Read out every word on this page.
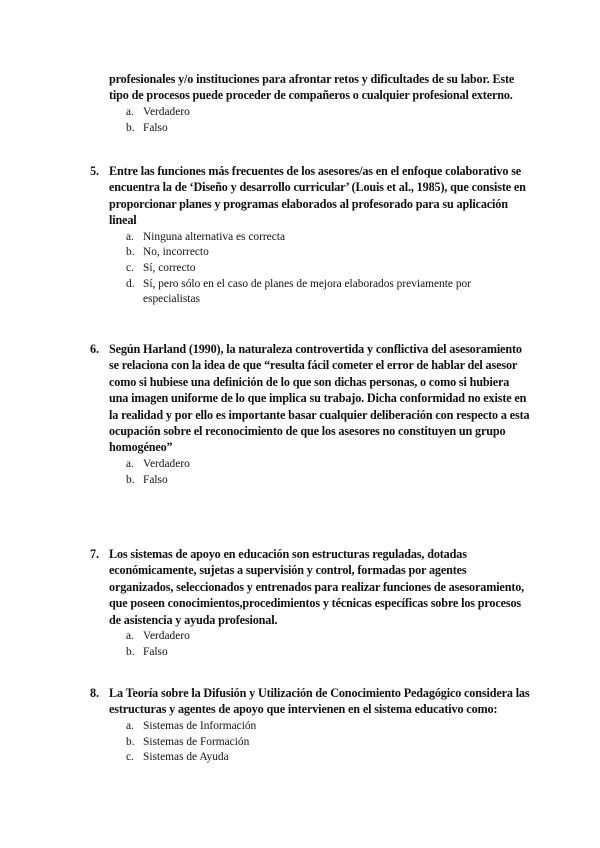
profesionales y/o instituciones para afrontar retos y dificultades de su labor. Este tipo de procesos puede proceder de compañeros o cualquier profesional externo.
a. Verdadero
b. Falso
5. Entre las funciones más frecuentes de los asesores/as en el enfoque colaborativo se encuentra la de ‘Diseño y desarrollo curricular’ (Louis et al., 1985), que consiste en proporcionar planes y programas elaborados al profesorado para su aplicación lineal
a. Ninguna alternativa es correcta
b. No, incorrecto
c. Sí, correcto
d. Sí, pero sólo en el caso de planes de mejora elaborados previamente por especialistas
6. Según Harland (1990), la naturaleza controvertida y conflictiva del asesoramiento se relaciona con la idea de que “resulta fácil cometer el error de hablar del asesor como si hubiese una definición de lo que son dichas personas, o como si hubiera una imagen uniforme de lo que implica su trabajo. Dicha conformidad no existe en la realidad y por ello es importante basar cualquier deliberación con respecto a esta ocupación sobre el reconocimiento de que los asesores no constituyen un grupo homogéneo”
a. Verdadero
b. Falso
7. Los sistemas de apoyo en educación son estructuras reguladas, dotadas económicamente, sujetas a supervisión y control, formadas por agentes organizados, seleccionados y entrenados para realizar funciones de asesoramiento, que poseen conocimientos,procedimientos y técnicas específicas sobre los procesos de asistencia y ayuda profesional.
a. Verdadero
b. Falso
8. La Teoría sobre la Difusión y Utilización de Conocimiento Pedagógico considera las estructuras y agentes de apoyo que intervienen en el sistema educativo como:
a. Sistemas de Información
b. Sistemas de Formación
c. Sistemas de Ayuda
